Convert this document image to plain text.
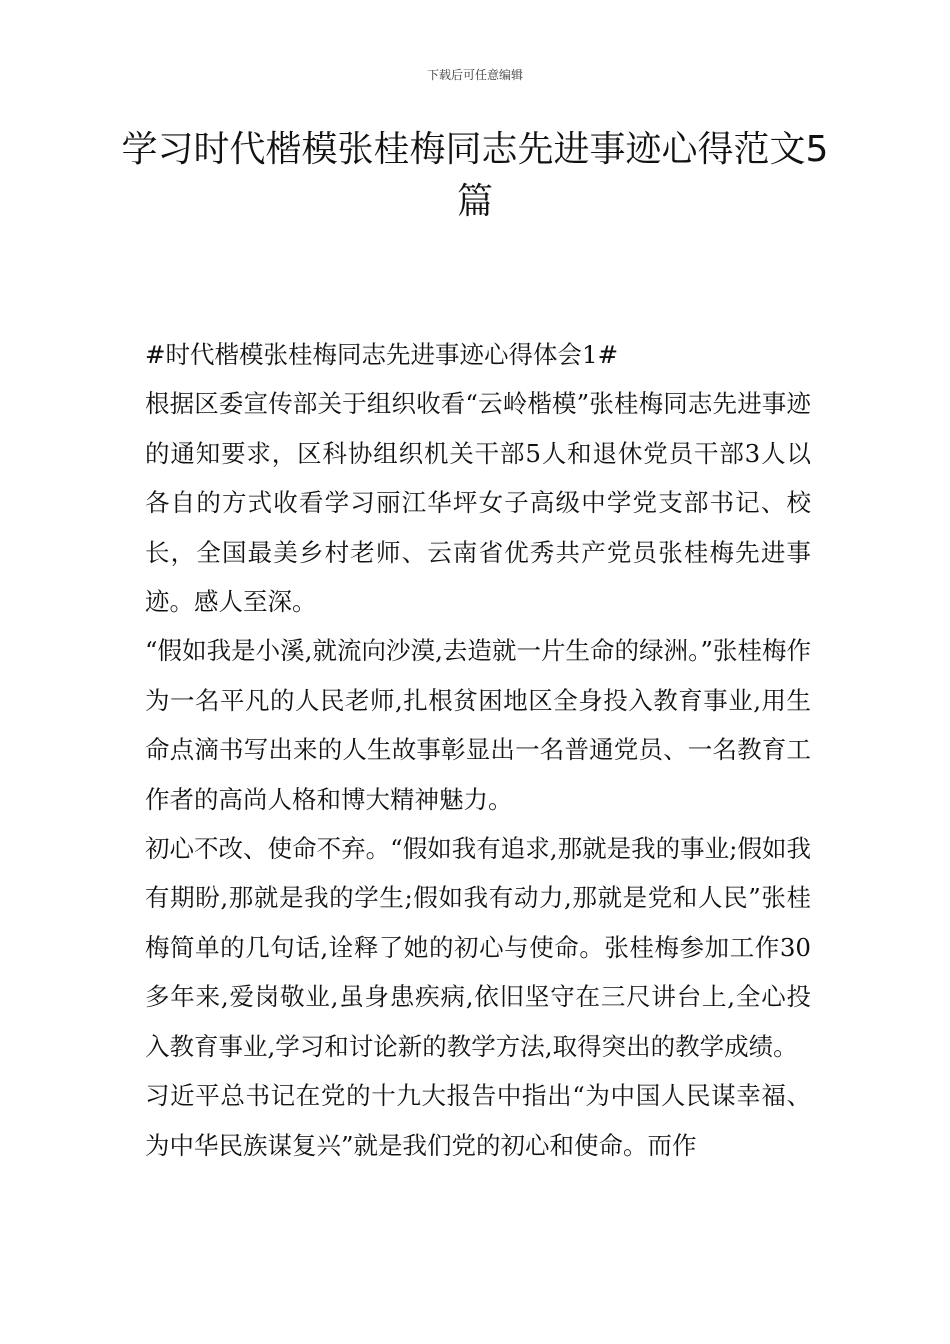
下载后可任意编辑
学习时代楷模张桂梅同志先进事迹心得范文5篇

#时代楷模张桂梅同志先进事迹心得体会1#

根据区委宣传部关于组织收看“云岭楷模”张桂梅同志先进事迹的通知要求，区科协组织机关干部5人和退休党员干部3人以各自的方式收看学习丽江华坪女子高级中学党支部书记、校长，全国最美乡村老师、云南省优秀共产党员张桂梅先进事迹。感人至深。

“假如我是小溪,就流向沙漠,去造就一片生命的绿洲。”张桂梅作为一名平凡的人民老师,扎根贫困地区全身投入教育事业,用生命点滴书写出来的人生故事彰显出一名普通党员、一名教育工作者的高尚人格和博大精神魅力。

初心不改、使命不弃。“假如我有追求,那就是我的事业;假如我有期盼,那就是我的学生;假如我有动力,那就是党和人民”张桂梅简单的几句话,诠释了她的初心与使命。张桂梅参加工作30多年来,爱岗敬业,虽身患疾病,依旧坚守在三尺讲台上,全心投入教育事业,学习和讨论新的教学方法,取得突出的教学成绩。

习近平总书记在党的十九大报告中指出“为中国人民谋幸福、为中华民族谋复兴”就是我们党的初心和使命。而作
